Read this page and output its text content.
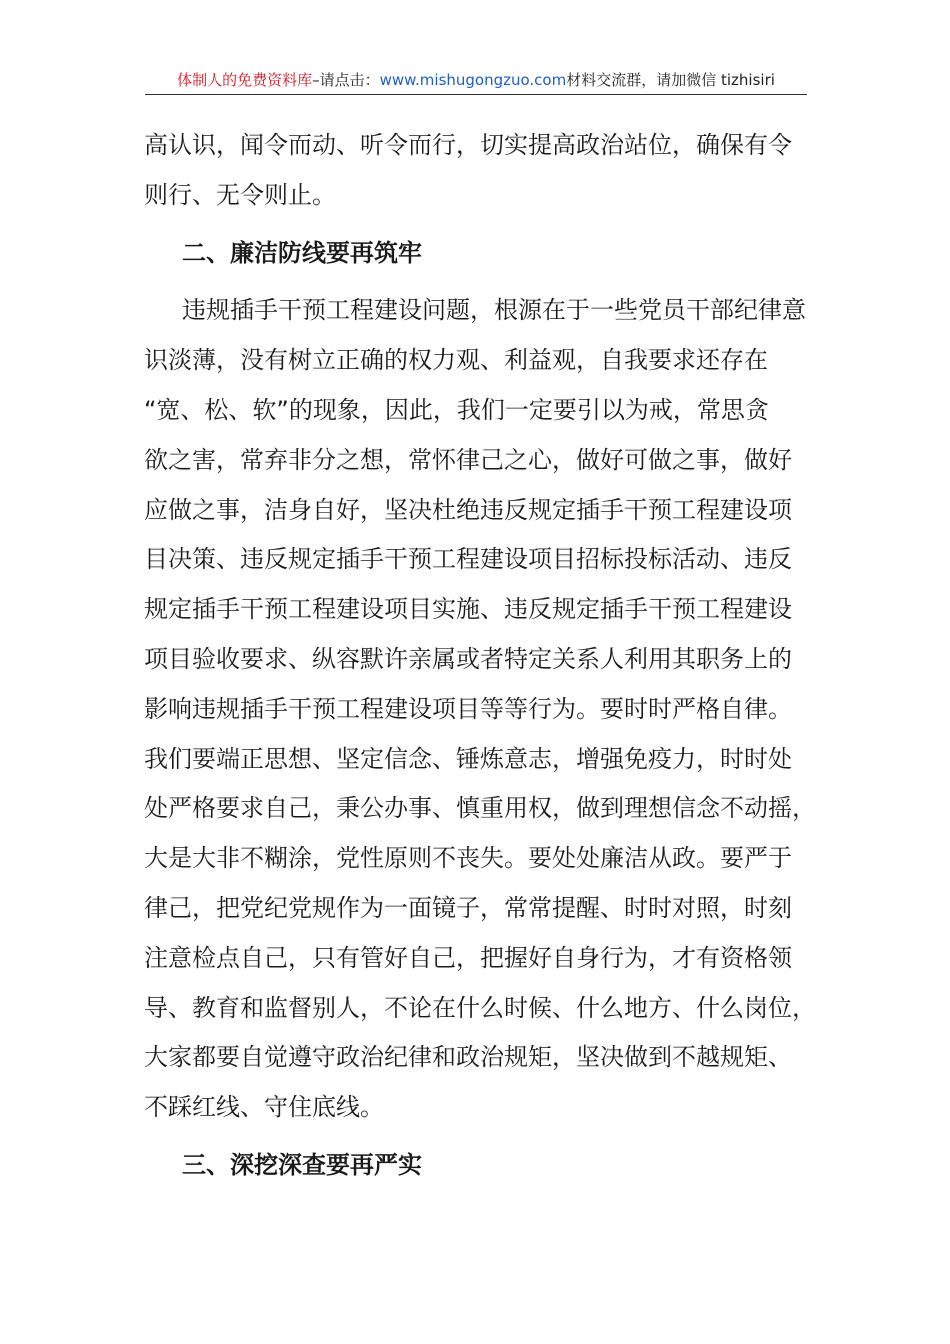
体制人的免费资料库–请点击：www.mishugongzuo.com材料交流群，请加微信 tizhisiri
高认识，闻令而动、听令而行，切实提高政治站位，确保有令
则行、无令则止。
二、廉洁防线要再筑牢
违规插手干预工程建设问题，根源在于一些党员干部纪律意
识淡薄，没有树立正确的权力观、利益观，自我要求还存在
“宽、松、软”的现象，因此，我们一定要引以为戒，常思贪
欲之害，常弃非分之想，常怀律己之心，做好可做之事，做好
应做之事，洁身自好，坚决杜绝违反规定插手干预工程建设项
目决策、违反规定插手干预工程建设项目招标投标活动、违反
规定插手干预工程建设项目实施、违反规定插手干预工程建设
项目验收要求、纵容默许亲属或者特定关系人利用其职务上的
影响违规插手干预工程建设项目等等行为。要时时严格自律。
我们要端正思想、坚定信念、锤炼意志，增强免疫力，时时处
处严格要求自己，秉公办事、慎重用权，做到理想信念不动摇，
大是大非不糊涂，党性原则不丧失。要处处廉洁从政。要严于
律己，把党纪党规作为一面镜子，常常提醒、时时对照，时刻
注意检点自己，只有管好自己，把握好自身行为，才有资格领
导、教育和监督别人，不论在什么时候、什么地方、什么岗位，
大家都要自觉遵守政治纪律和政治规矩，坚决做到不越规矩、
不踩红线、守住底线。
三、深挖深查要再严实
